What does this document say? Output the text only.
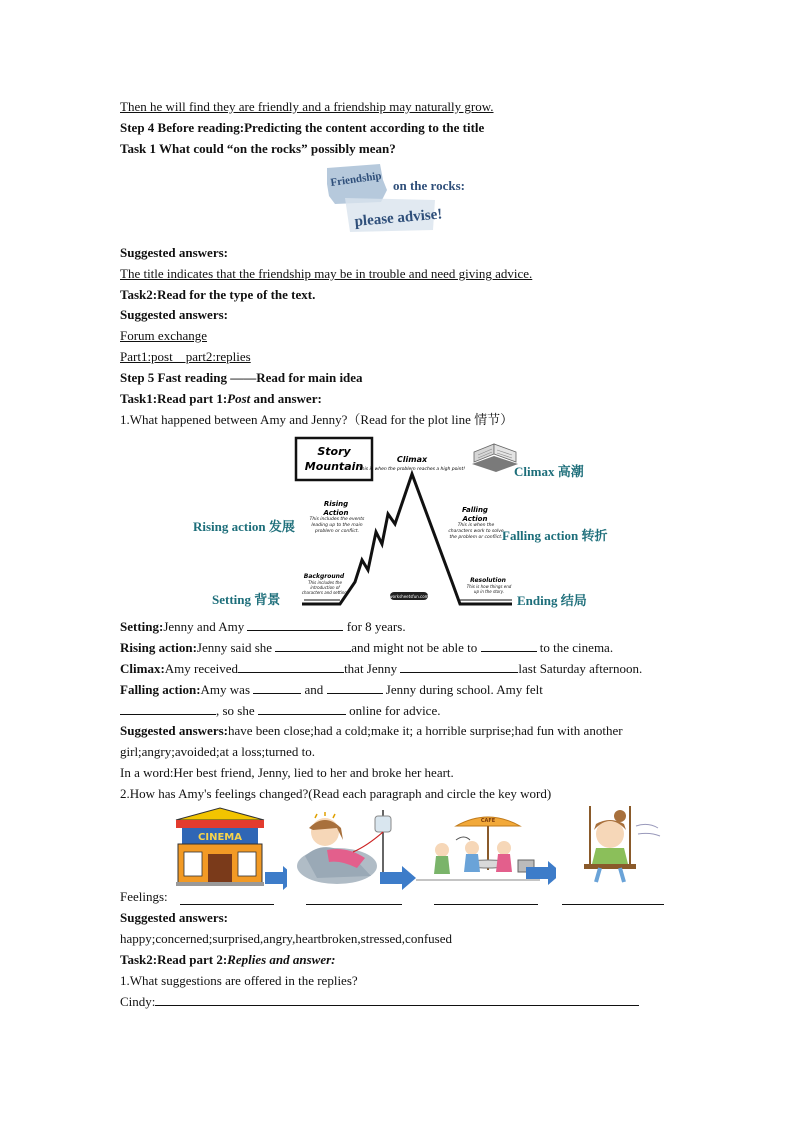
Then he will find they are friendly and a friendship may naturally grow.
Step 4 Before reading:Predicting the content according to the title
Task 1 What could “on the rocks” possibly mean?
Friendship on the rocks:
please advise!
Suggested answers:
The title indicates that the friendship may be in trouble and need giving advice.
Task2:Read for the type of the text.
Suggested answers:
Forum exchange
Part1:post    part2:replies
Step 5 Fast reading ——Read for main idea
Task1:Read part 1:Post and answer:
1.What happened between Amy and Jenny?（Read for the plot line 情节）
Story
Mountain
Climax
This is when the problem reaches a high point!
Rising
Action
This includes the events leading up to the main problem or conflict.
Falling
Action
This is when the characters work to solve the problem or conflict.
Background
This includes the introduction of characters and setting.
Resolution
This is how things end up in the story.
worksheetsfun.com
Climax 高潮
Rising action 发展
Falling action 转折
Setting 背景	Ending 结局
Setting:Jenny and Amy	for 8 years.
Rising action:Jenny said she	and might not be able to	to the cinema.
Climax:Amy received	that Jenny	last Saturday afternoon.
Falling action:Amy was	and	Jenny during school. Amy felt
, so she	online for advice.
Suggested answers:have been close;had a cold;make it; a horrible surprise;had fun with another
girl;angry;avoided;at a loss;turned to.
In a word:Her best friend, Jenny, lied to her and broke her heart.
2.How has Amy's feelings changed?(Read each paragraph and circle the key word)
CINEMA
CAFE
Feelings:
Suggested answers:
happy;concerned;surprised,angry,heartbroken,stressed,confused
Task2:Read part 2:Replies and answer:
1.What suggestions are offered in the replies?
Cindy:
